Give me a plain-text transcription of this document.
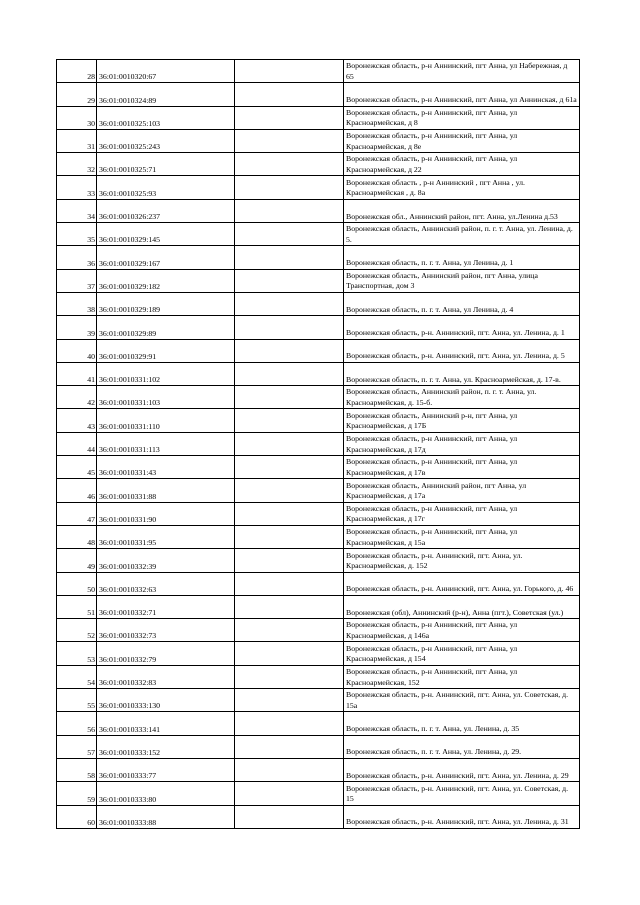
28	36:01:0010320:67		Воронежская область, р-н Аннинский, пгт Анна, ул Набережная, д 65
29	36:01:0010324:89		Воронежская область, р-н Аннинский, пгт Анна, ул Аннинская, д 61а
30	36:01:0010325:103		Воронежская область, р-н Аннинский, пгт Анна, ул Красноармейская, д 8
31	36:01:0010325:243		Воронежская область, р-н Аннинский, пгт Анна, ул Красноармейская, д 8е
32	36:01:0010325:71		Воронежская область, р-н Аннинский, пгт Анна, ул Красноармейская, д 22
33	36:01:0010325:93		Воронежская область , р-н Аннинский , пгт Анна , ул. Красноармейская , д. 8а
34	36:01:0010326:237		Воронежская обл., Аннинский район, пгт. Анна, ул.Ленина д.53
35	36:01:0010329:145		Воронежская область, Аннинский район, п. г. т. Анна, ул. Ленина, д. 5.
36	36:01:0010329:167		Воронежская область, п. г. т. Анна, ул Ленина, д. 1
37	36:01:0010329:182		Воронежская область, Аннинский район, пгт Анна, улица Транспортная, дом 3
38	36:01:0010329:189		Воронежская область, п. г. т. Анна, ул Ленина, д. 4
39	36:01:0010329:89		Воронежская область, р-н. Аннинский, пгт. Анна, ул. Ленина, д. 1
40	36:01:0010329:91		Воронежская область, р-н. Аннинский, пгт. Анна, ул. Ленина, д. 5
41	36:01:0010331:102		Воронежская область, п. г. т. Анна, ул. Красноармейская, д. 17-в.
42	36:01:0010331:103		Воронежская область, Аннинский район, п. г. т. Анна, ул. Красноармейская, д. 15-б.
43	36:01:0010331:110		Воронежская область, Аннинский р-н, пгт Анна, ул Красноармейская, д 17Б
44	36:01:0010331:113		Воронежская область, р-н Аннинский, пгт Анна, ул Красноармейская, д 17д
45	36:01:0010331:43		Воронежская область, р-н Аннинский, пгт Анна, ул Красноармейская, д 17в
46	36:01:0010331:88		Воронежская область, Аннинский район, пгт Анна, ул Красноармейская, д 17а
47	36:01:0010331:90		Воронежская область, р-н Аннинский, пгт Анна, ул Красноармейская, д 17г
48	36:01:0010331:95		Воронежская область, р-н Аннинский, пгт Анна, ул Красноармейская, д 15а
49	36:01:0010332:39		Воронежская область, р-н. Аннинский, пгт. Анна, ул. Красноармейская, д. 152
50	36:01:0010332:63		Воронежская область, р-н. Аннинский, пгт. Анна, ул. Горького, д. 46
51	36:01:0010332:71		Воронежская (обл), Аннинский (р-н), Анна (пгт.), Советская (ул.)
52	36:01:0010332:73		Воронежская область, р-н Аннинский, пгт Анна, ул Красноармейская, д 146а
53	36:01:0010332:79		Воронежская область, р-н Аннинский, пгт Анна, ул Красноармейская, д 154
54	36:01:0010332:83		Воронежская область, р-н Аннинский, пгт Анна, ул Красноармейская, 152
55	36:01:0010333:130		Воронежская область, р-н. Аннинский, пгт. Анна, ул. Советская, д. 15а
56	36:01:0010333:141		Воронежская область, п. г. т. Анна, ул. Ленина, д. 35
57	36:01:0010333:152		Воронежская область, п. г. т. Анна, ул. Ленина, д. 29.
58	36:01:0010333:77		Воронежская область, р-н. Аннинский, пгт. Анна, ул. Ленина, д. 29
59	36:01:0010333:80		Воронежская область, р-н. Аннинский, пгт. Анна, ул. Советская, д. 15
60	36:01:0010333:88		Воронежская область, р-н. Аннинский, пгт. Анна, ул. Ленина, д. 31
